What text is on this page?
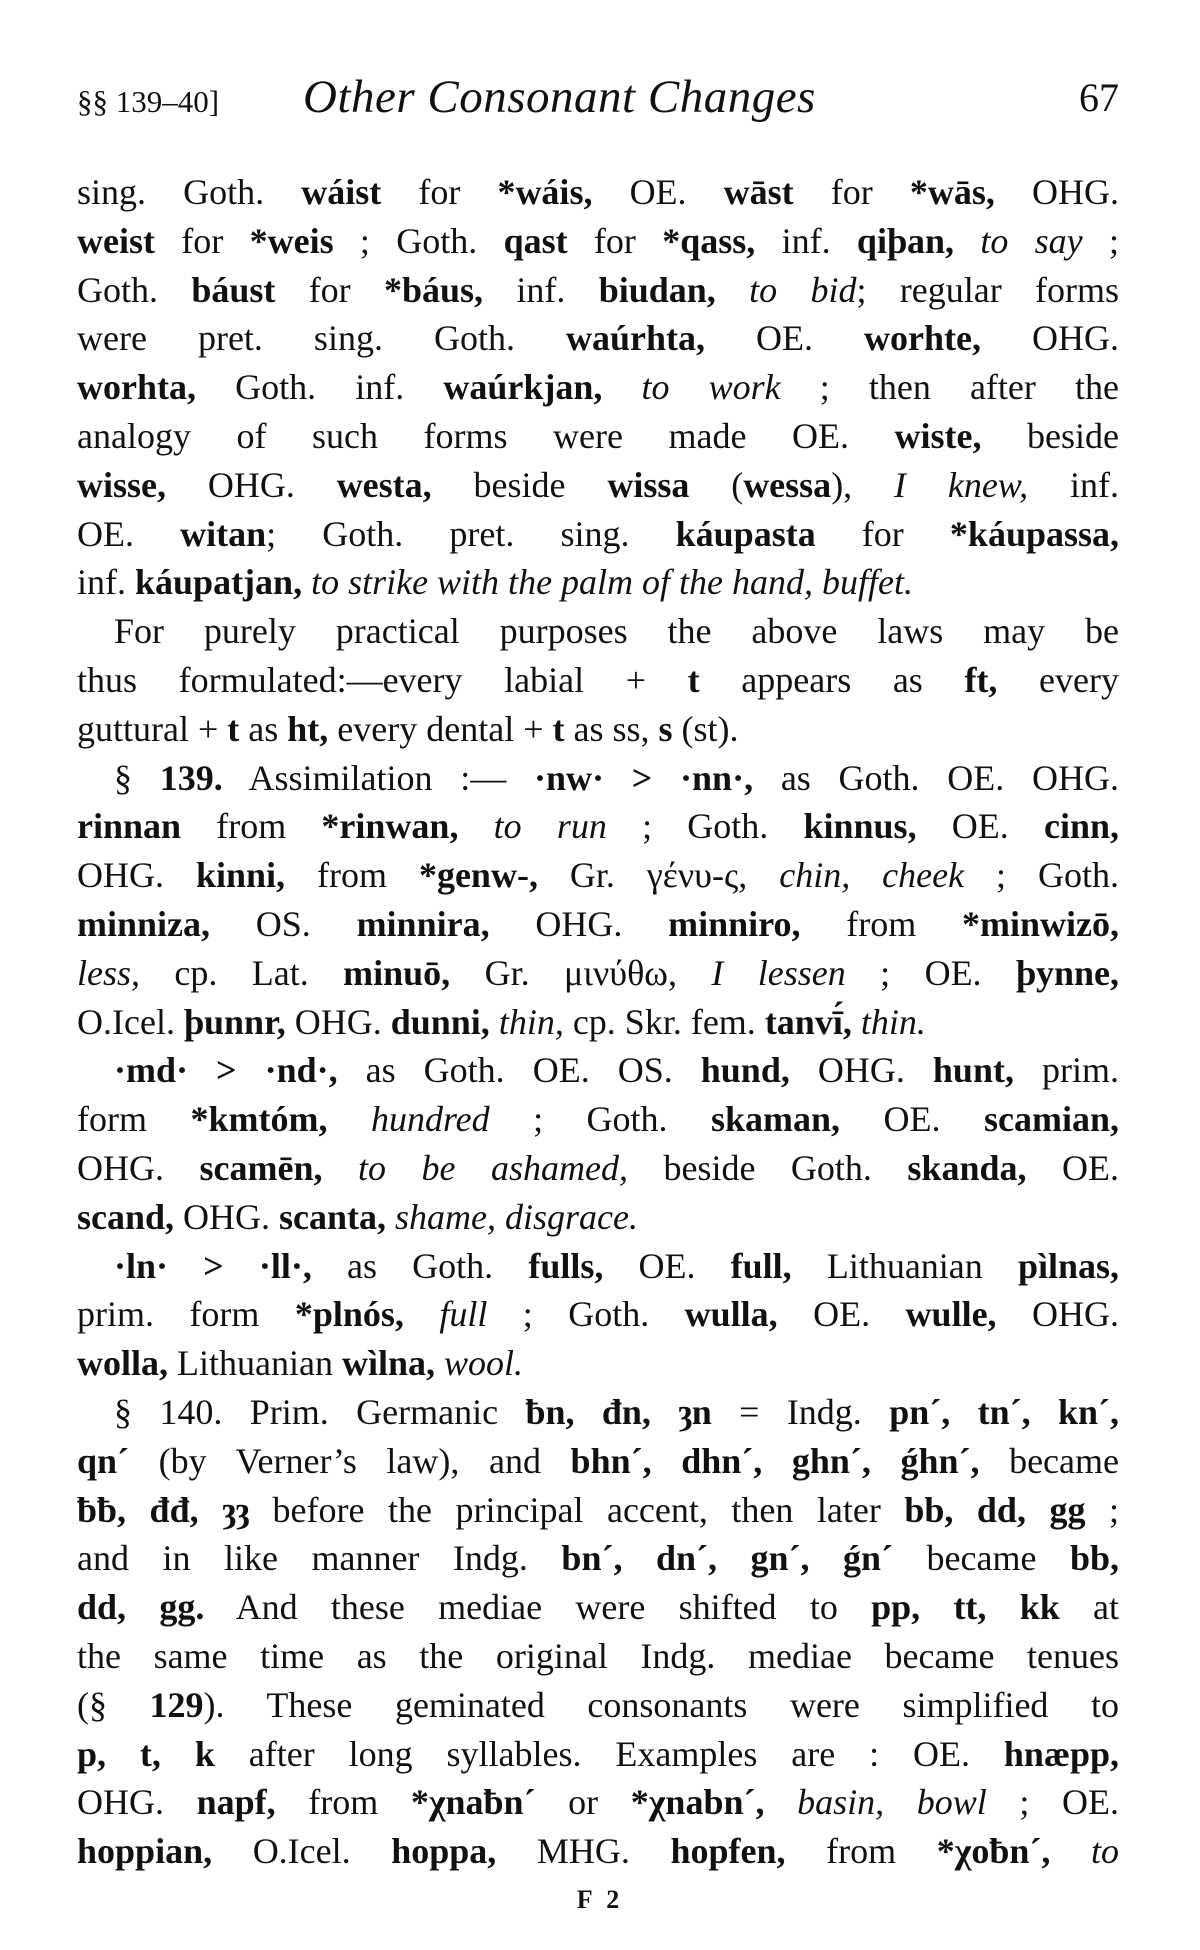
§§ 139–40] Other Consonant Changes	67
sing. Goth. wáist for *wáis, OE. wāst for *wās, OHG.
weist for *weis ; Goth. qast for *qass, inf. qiþan, to say ;
Goth. báust for *báus, inf. biudan, to bid; regular forms
were pret. sing. Goth. waúrhta, OE. worhte, OHG.
worhta, Goth. inf. waúrkjan, to work ; then after the
analogy of such forms were made OE. wiste, beside
wisse, OHG. westa, beside wissa (wessa), I knew, inf.
OE. witan; Goth. pret. sing. káupasta for *káupassa,
inf. káupatjan, to strike with the palm of the hand, buffet.
For purely practical purposes the above laws may be
thus formulated:—every labial + t appears as ft, every
guttural + t as ht, every dental + t as ss, s (st).
§ 139. Assimilation :— ·nw· > ·nn·, as Goth. OE. OHG.
rinnan from *rinwan, to run ; Goth. kinnus, OE. cinn,
OHG. kinni, from *genw-, Gr. γένυ-ς, chin, cheek ; Goth.
minniza, OS. minnira, OHG. minniro, from *minwizō,
less, cp. Lat. minuō, Gr. μινύθω, I lessen ; OE. þynne,
O.Icel. þunnr, OHG. dunni, thin, cp. Skr. fem. tanvī́, thin.
·md· > ·nd·, as Goth. OE. OS. hund, OHG. hunt, prim.
form *kmtóm, hundred ; Goth. skaman, OE. scamian,
OHG. scamēn, to be ashamed, beside Goth. skanda, OE.
scand, OHG. scanta, shame, disgrace.
·ln· > ·ll·, as Goth. fulls, OE. full, Lithuanian pìlnas,
prim. form *plnós, full ; Goth. wulla, OE. wulle, OHG.
wolla, Lithuanian wìlna, wool.
§ 140. Prim. Germanic ƀn, đn, ȝn = Indg. pn´, tn´, kn´,
qn´ (by Verner’s law), and bhn´, dhn´, ghn´, ǵhn´, became
ƀƀ, đđ, ȝȝ before the principal accent, then later bb, dd, gg ;
and in like manner Indg. bn´, dn´, gn´, ǵn´ became bb,
dd, gg. And these mediae were shifted to pp, tt, kk at
the same time as the original Indg. mediae became tenues
(§ 129). These geminated consonants were simplified to
p, t, k after long syllables. Examples are : OE. hnæpp,
OHG. napf, from *χnaƀn´ or *χnabn´, basin, bowl ; OE.
hoppian, O.Icel. hoppa, MHG. hopfen, from *χoƀn´, to
F 2
